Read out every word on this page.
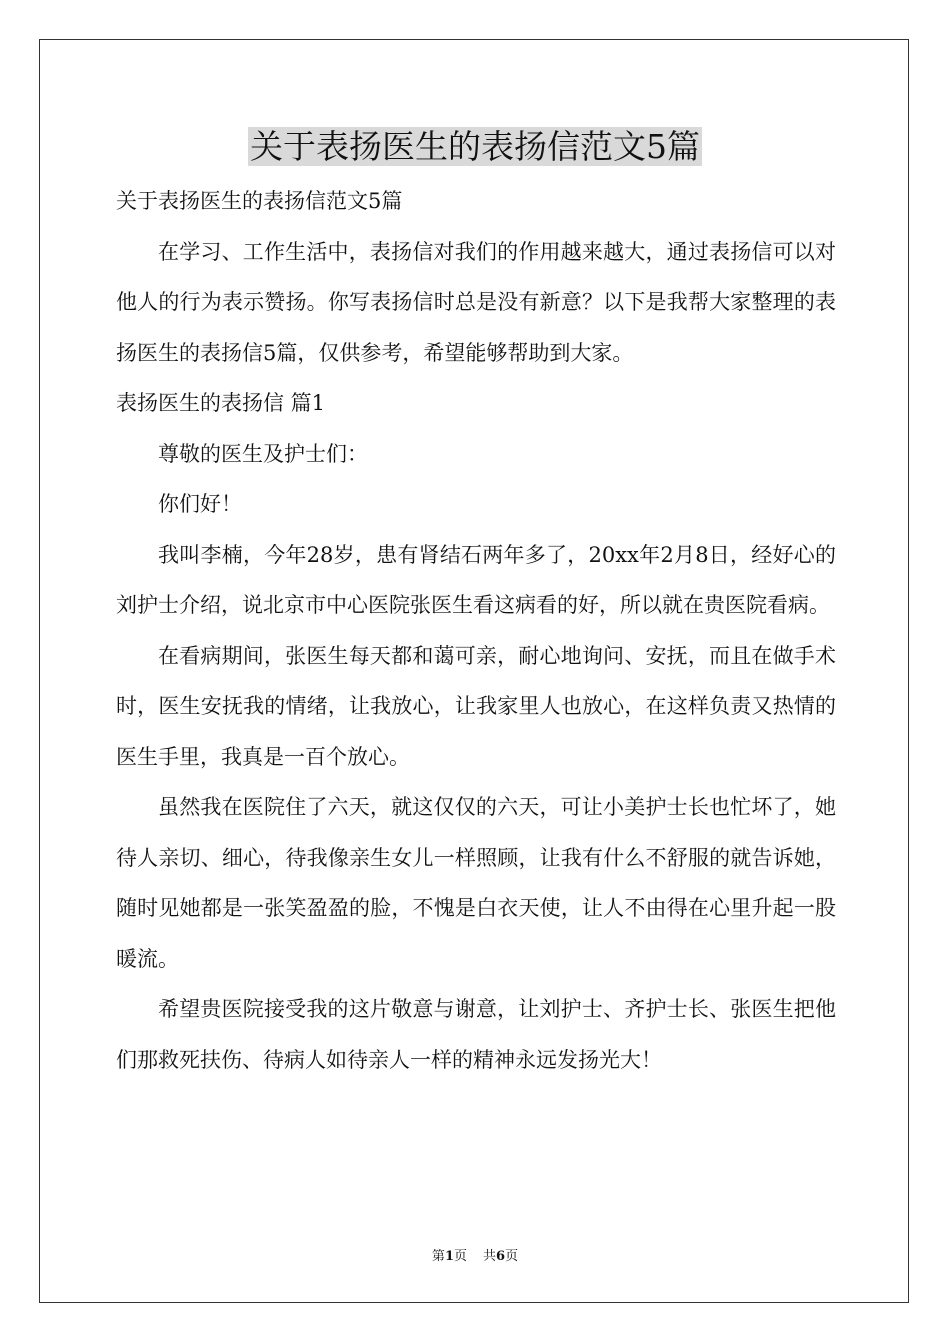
关于表扬医生的表扬信范文5篇

关于表扬医生的表扬信范文5篇

在学习、工作生活中，表扬信对我们的作用越来越大，通过表扬信可以对他人的行为表示赞扬。你写表扬信时总是没有新意？以下是我帮大家整理的表扬医生的表扬信5篇，仅供参考，希望能够帮助到大家。

表扬医生的表扬信 篇1

尊敬的医生及护士们：

你们好！

我叫李楠，今年28岁，患有肾结石两年多了，20xx年2月8日，经好心的刘护士介绍，说北京市中心医院张医生看这病看的好，所以就在贵医院看病。

在看病期间，张医生每天都和蔼可亲，耐心地询问、安抚，而且在做手术时，医生安抚我的情绪，让我放心，让我家里人也放心，在这样负责又热情的医生手里，我真是一百个放心。

虽然我在医院住了六天，就这仅仅的六天，可让小美护士长也忙坏了，她待人亲切、细心，待我像亲生女儿一样照顾，让我有什么不舒服的就告诉她，随时见她都是一张笑盈盈的脸，不愧是白衣天使，让人不由得在心里升起一股暖流。

希望贵医院接受我的这片敬意与谢意，让刘护士、齐护士长、张医生把他们那救死扶伤、待病人如待亲人一样的精神永远发扬光大！

第1页 共6页
